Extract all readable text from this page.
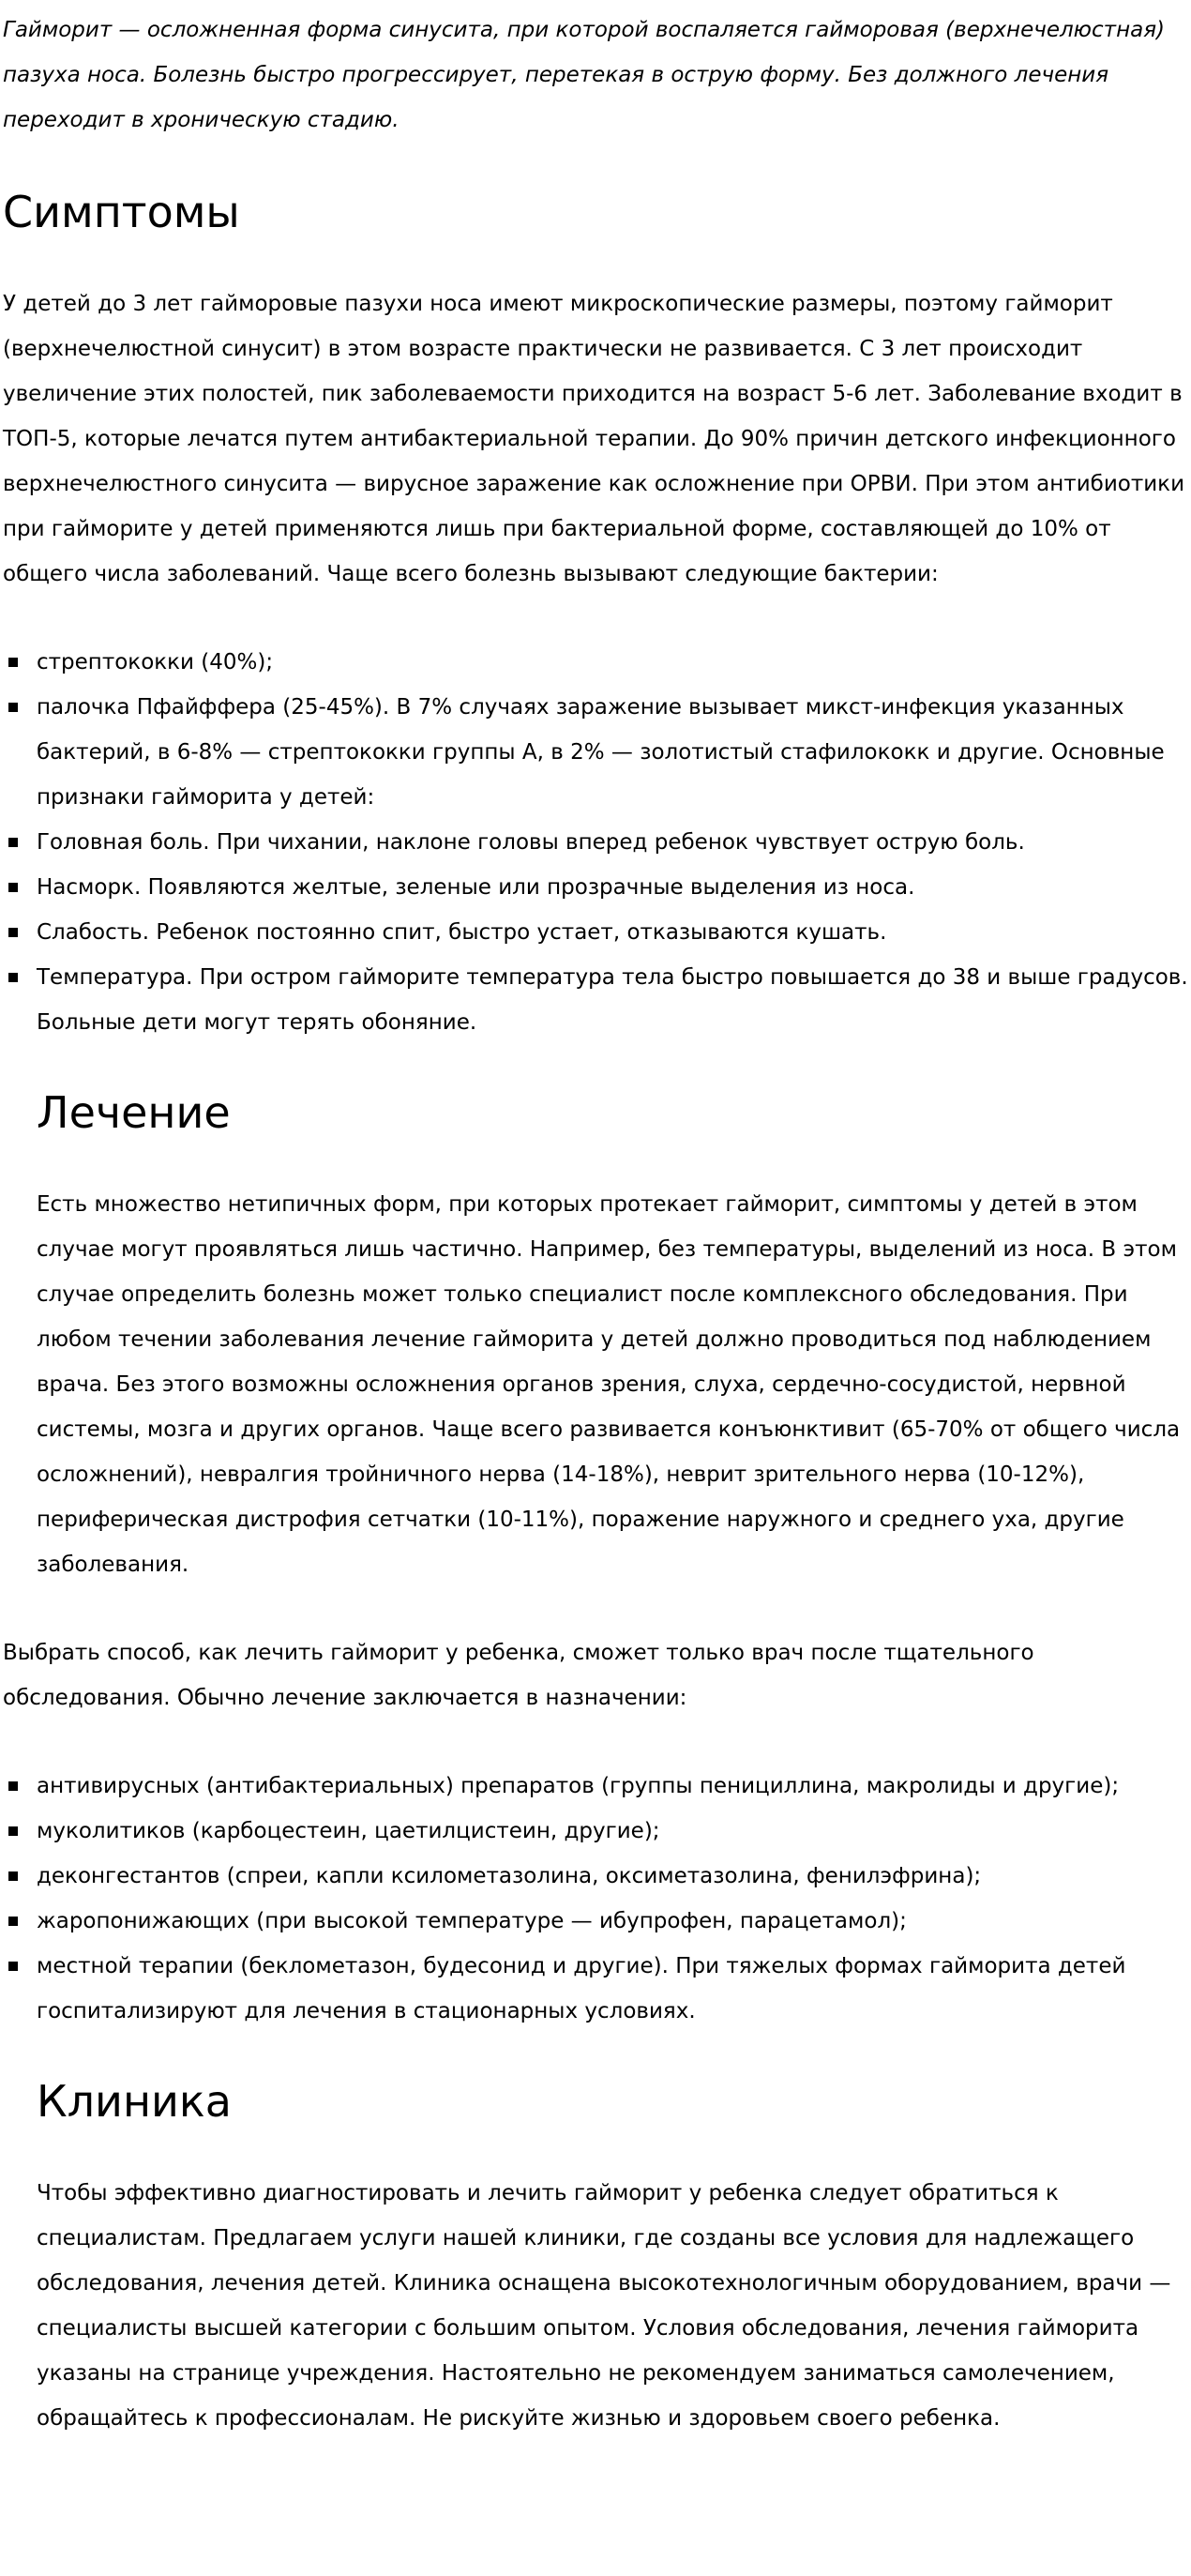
Гайморит — осложненная форма синусита, при которой воспаляется гайморовая (верхнечелюстная) пазуха носа. Болезнь быстро прогрессирует, перетекая в острую форму. Без должного лечения переходит в хроническую стадию.

Симптомы

У детей до 3 лет гайморовые пазухи носа имеют микроскопические размеры, поэтому гайморит (верхнечелюстной синусит) в этом возрасте практически не развивается. С 3 лет происходит увеличение этих полостей, пик заболеваемости приходится на возраст 5-6 лет. Заболевание входит в ТОП-5, которые лечатся путем антибактериальной терапии. До 90% причин детского инфекционного верхнечелюстного синусита — вирусное заражение как осложнение при ОРВИ. При этом антибиотики при гайморите у детей применяются лишь при бактериальной форме, составляющей до 10% от общего числа заболеваний. Чаще всего болезнь вызывают следующие бактерии:

стрептококки (40%);
палочка Пфайффера (25-45%). В 7% случаях заражение вызывает микст-инфекция указанных бактерий, в 6-8% — стрептококки группы А, в 2% — золотистый стафилококк и другие. Основные признаки гайморита у детей:
Головная боль. При чихании, наклоне головы вперед ребенок чувствует острую боль.
Насморк. Появляются желтые, зеленые или прозрачные выделения из носа.
Слабость. Ребенок постоянно спит, быстро устает, отказываются кушать.
Температура. При остром гайморите температура тела быстро повышается до 38 и выше градусов. Больные дети могут терять обоняние.
Лечение

Есть множество нетипичных форм, при которых протекает гайморит, симптомы у детей в этом случае могут проявляться лишь частично. Например, без температуры, выделений из носа. В этом случае определить болезнь может только специалист после комплексного обследования. При любом течении заболевания лечение гайморита у детей должно проводиться под наблюдением врача. Без этого возможны осложнения органов зрения, слуха, сердечно-сосудистой, нервной системы, мозга и других органов. Чаще всего развивается конъюнктивит (65-70% от общего числа осложнений), невралгия тройничного нерва (14-18%), неврит зрительного нерва (10-12%), периферическая дистрофия сетчатки (10-11%), поражение наружного и среднего уха, другие заболевания.

Выбрать способ, как лечить гайморит у ребенка, сможет только врач после тщательного обследования. Обычно лечение заключается в назначении:

антивирусных (антибактериальных) препаратов (группы пенициллина, макролиды и другие);
муколитиков (карбоцестеин, цаетилцистеин, другие);
деконгестантов (спреи, капли ксилометазолина, оксиметазолина, фенилэфрина);
жаропонижающих (при высокой температуре — ибупрофен, парацетамол);
местной терапии (беклометазон, будесонид и другие). При тяжелых формах гайморита детей госпитализируют для лечения в стационарных условиях.
Клиника

Чтобы эффективно диагностировать и лечить гайморит у ребенка следует обратиться к специалистам. Предлагаем услуги нашей клиники, где созданы все условия для надлежащего обследования, лечения детей. Клиника оснащена высокотехнологичным оборудованием, врачи — специалисты высшей категории с большим опытом. Условия обследования, лечения гайморита указаны на странице учреждения. Настоятельно не рекомендуем заниматься самолечением, обращайтесь к профессионалам. Не рискуйте жизнью и здоровьем своего ребенка.
